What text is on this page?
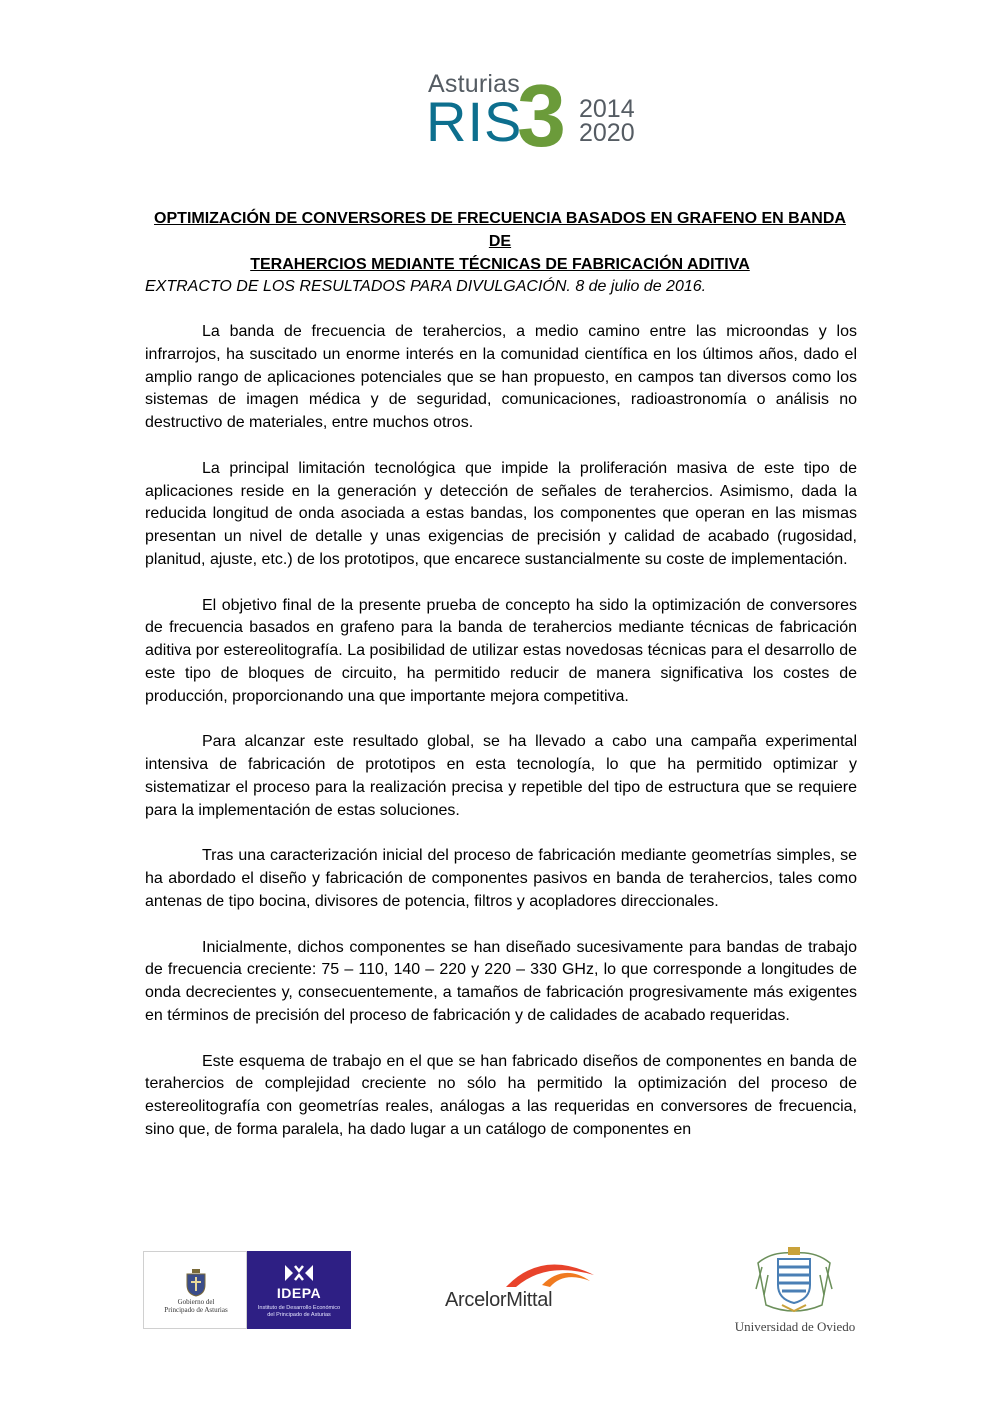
Asturias
RIS
3 2014
2020
OPTIMIZACIÓN DE CONVERSORES DE FRECUENCIA BASADOS EN GRAFENO EN BANDA DE
TERAHERCIOS MEDIANTE TÉCNICAS DE FABRICACIÓN ADITIVA
EXTRACTO DE LOS RESULTADOS PARA DIVULGACIÓN. 8 de julio de 2016.

La banda de frecuencia de terahercios, a medio camino entre las microondas y los infrarrojos, ha suscitado un enorme interés en la comunidad científica en los últimos años, dado el amplio rango de aplicaciones potenciales que se han propuesto, en campos tan diversos como los sistemas de imagen médica y de seguridad, comunicaciones, radioastronomía o análisis no destructivo de materiales, entre muchos otros.

La principal limitación tecnológica que impide la proliferación masiva de este tipo de aplicaciones reside en la generación y detección de señales de terahercios. Asimismo, dada la reducida longitud de onda asociada a estas bandas, los componentes que operan en las mismas presentan un nivel de detalle y unas exigencias de precisión y calidad de acabado (rugosidad, planitud, ajuste, etc.) de los prototipos, que encarece sustancialmente su coste de implementación.

El objetivo final de la presente prueba de concepto ha sido la optimización de conversores de frecuencia basados en grafeno para la banda de terahercios mediante técnicas de fabricación aditiva por estereolitografía. La posibilidad de utilizar estas novedosas técnicas para el desarrollo de este tipo de bloques de circuito, ha permitido reducir de manera significativa los costes de producción, proporcionando una que importante mejora competitiva.

Para alcanzar este resultado global, se ha llevado a cabo una campaña experimental intensiva de fabricación de prototipos en esta tecnología, lo que ha permitido optimizar y sistematizar el proceso para la realización precisa y repetible del tipo de estructura que se requiere para la implementación de estas soluciones.

Tras una caracterización inicial del proceso de fabricación mediante geometrías simples, se ha abordado el diseño y fabricación de componentes pasivos en banda de terahercios, tales como antenas de tipo bocina, divisores de potencia, filtros y acopladores direccionales.

Inicialmente, dichos componentes se han diseñado sucesivamente para bandas de trabajo de frecuencia creciente: 75 – 110, 140 – 220 y 220 – 330 GHz, lo que corresponde a longitudes de onda decrecientes y, consecuentemente, a tamaños de fabricación progresivamente más exigentes en términos de precisión del proceso de fabricación y de calidades de acabado requeridas.

Este esquema de trabajo en el que se han fabricado diseños de componentes en banda de terahercios de complejidad creciente no sólo ha permitido la optimización del proceso de estereolitografía con geometrías reales, análogas a las requeridas en conversores de frecuencia, sino que, de forma paralela, ha dado lugar a un catálogo de componentes en

Gobierno del
Principado de Asturias
IDEPA
Instituto de Desarrollo Económico
del Principado de Asturias
ArcelorMittal
Universidad de Oviedo
